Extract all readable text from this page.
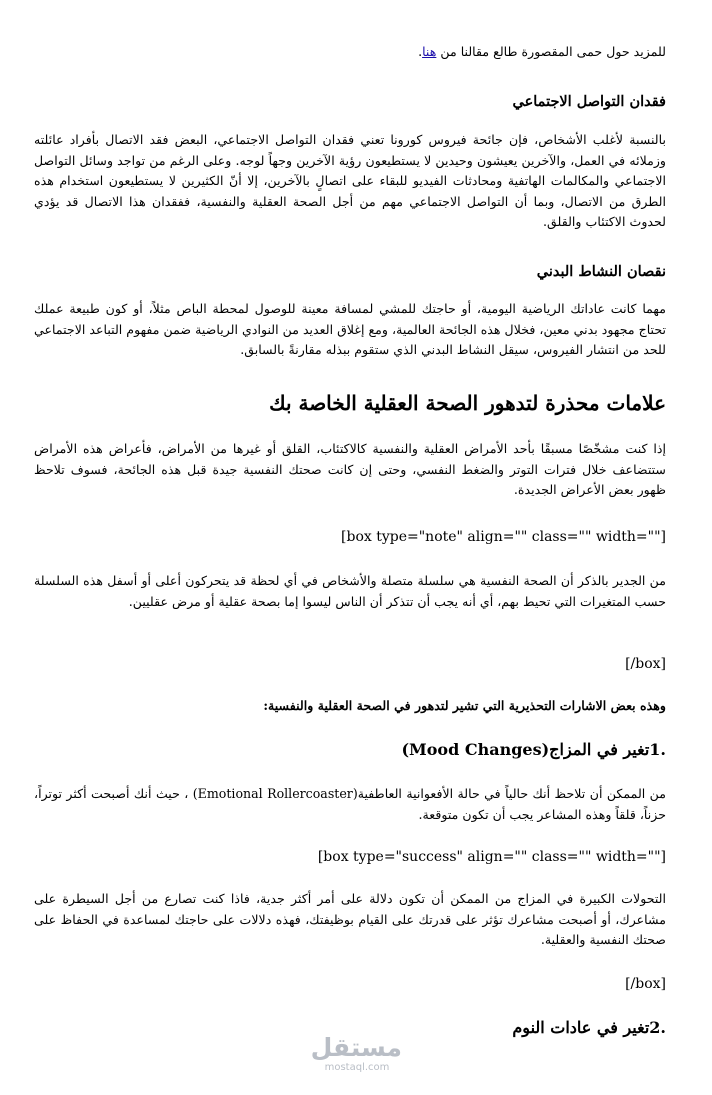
للمزيد حول حمى المقصورة طالع مقالنا من هنا.

فقدان التواصل الاجتماعي

بالنسبة لأغلب الأشخاص، فإن جائحة فيروس كورونا تعني فقدان التواصل الاجتماعي، البعض فقد الاتصال بأفراد عائلته وزملائه في العمل، والآخرين يعيشون وحيدين لا يستطيعون رؤية الآخرين وجهاً لوجه. وعلى الرغم من تواجد وسائل التواصل الاجتماعي والمكالمات الهاتفية ومحادثات الفيديو للبقاء على اتصالٍ بالآخرين، إلا أنّ الكثيرين لا يستطيعون استخدام هذه الطرق من الاتصال، وبما أن التواصل الاجتماعي مهم من أجل الصحة العقلية والنفسية، ففقدان هذا الاتصال قد يؤدي لحدوث الاكتئاب والقلق.

نقصان النشاط البدني

مهما كانت عاداتك الرياضية اليومية، أو حاجتك للمشي لمسافة معينة للوصول لمحطة الباص مثلاً، أو كون طبيعة عملك تحتاج مجهود بدني معين، فخلال هذه الجائحة العالمية، ومع إغلاق العديد من النوادي الرياضية ضمن مفهوم التباعد الاجتماعي للحد من انتشار الفيروس، سيقل النشاط البدني الذي ستقوم ببذله مقارنةً بالسابق.

علامات محذرة لتدهور الصحة العقلية الخاصة بك

إذا كنت مشخّصًا مسبقًا بأحد الأمراض العقلية والنفسية كالاكتئاب، القلق أو غيرها من الأمراض، فأعراض هذه الأمراض ستتضاعف خلال فترات التوتر والضغط النفسي، وحتى إن كانت صحتك النفسية جيدة قبل هذه الجائحة، فسوف تلاحظ ظهور بعض الأعراض الجديدة.

[box type="note" align="" class="" width=""]

من الجدير بالذكر أن الصحة النفسية هي سلسلة متصلة والأشخاص في أي لحظة قد يتحركون أعلى أو أسفل هذه السلسلة حسب المتغيرات التي تحيط بهم، أي أنه يجب أن تتذكر أن الناس ليسوا إما بصحة عقلية أو مرض عقليين.

[/box]

وهذه بعض الاشارات التحذيرية التي تشير لتدهور في الصحة العقلية والنفسية:

1.تغير في المزاج(Mood Changes)

من الممكن أن تلاحظ أنك حالياً في حالة الأفعوانية العاطفية(Emotional Rollercoaster) ، حيث أنك أصبحت أكثر توتراً، حزناً، قلقاً وهذه المشاعر يجب أن تكون متوقعة.

[box type="success" align="" class="" width=""]

التحولات الكبيرة في المزاج من الممكن أن تكون دلالة على أمر أكثر جدية، فاذا كنت تصارع من أجل السيطرة على مشاعرك، أو أصبحت مشاعرك تؤثر على قدرتك على القيام بوظيفتك، فهذه دلالات على حاجتك لمساعدة في الحفاظ على صحتك النفسية والعقلية.

[/box]

2.تغير في عادات النوم
مستقل
mostaql.com
